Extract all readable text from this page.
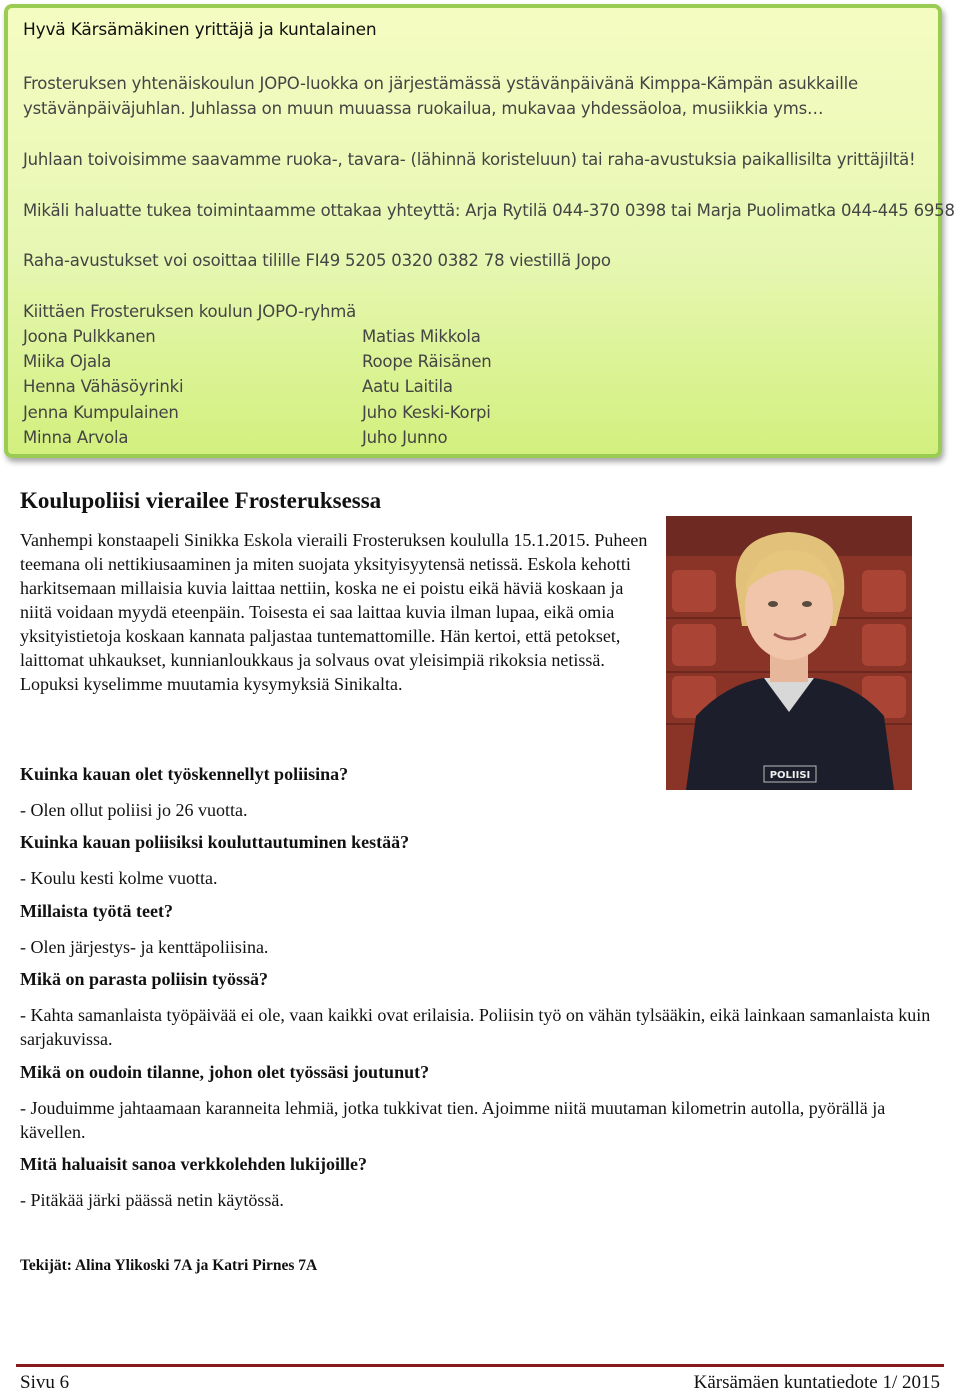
Hyvä Kärsämäkinen yrittäjä ja kuntalainen
Frosteruksen yhtenäiskoulun JOPO-luokka on järjestämässä ystävänpäivänä Kimppa-Kämpän asukkaille
ystävänpäiväjuhlan. Juhlassa on muun muuassa ruokailua, mukavaa yhdessäoloa, musiikkia yms…
Juhlaan toivoisimme saavamme ruoka-, tavara- (lähinnä koristeluun) tai raha-avustuksia paikallisilta yrittäjiltä!
Mikäli haluatte tukea toimintaamme ottakaa yhteyttä: Arja Rytilä 044-370 0398 tai Marja Puolimatka 044-445 6958
Raha-avustukset voi osoittaa tilille FI49 5205 0320 0382 78 viestillä Jopo
Kiittäen Frosteruksen koulun JOPO-ryhmä
Joona Pulkkanen
Miika Ojala
Henna Vähäsöyrinki
Jenna Kumpulainen
Minna Arvola
Matias Mikkola
Roope Räisänen
Aatu Laitila
Juho Keski-Korpi
Juho Junno
Koulupoliisi vierailee Frosteruksessa

Vanhempi konstaapeli Sinikka Eskola vieraili Frosteruksen koululla 15.1.2015. Puheen teemana oli nettikiusaaminen ja miten suojata yksityisyytensä netissä. Eskola kehotti harkitsemaan millaisia kuvia laittaa nettiin, koska ne ei poistu eikä häviä koskaan ja niitä voidaan myydä eteenpäin. Toisesta ei saa laittaa kuvia ilman lupaa, eikä omia yksityistietoja koskaan kannata paljastaa tuntemattomille. Hän kertoi, että petokset, laittomat uhkaukset, kunnianloukkaus ja solvaus ovat yleisimpiä rikoksia netissä. Lopuksi kyselimme muutamia kysymyksiä Sinikalta.

POLIISI

Kuinka kauan olet työskennellyt poliisina?

- Olen ollut poliisi jo 26 vuotta.

Kuinka kauan poliisiksi kouluttautuminen kestää?

- Koulu kesti kolme vuotta.

Millaista työtä teet?

- Olen järjestys- ja kenttäpoliisina.

Mikä on parasta poliisin työssä?

- Kahta samanlaista työpäivää ei ole, vaan kaikki ovat erilaisia. Poliisin työ on vähän tylsääkin, eikä lainkaan samanlaista kuin sarjakuvissa.

Mikä on oudoin tilanne, johon olet työssäsi joutunut?

- Jouduimme jahtaamaan karanneita lehmiä, jotka tukkivat tien. Ajoimme niitä muutaman kilometrin autolla, pyörällä ja kävellen.

Mitä haluaisit sanoa verkkolehden lukijoille?

- Pitäkää järki päässä netin käytössä.

Tekijät: Alina Ylikoski 7A ja Katri Pirnes 7A

Sivu 6	Kärsämäen kuntatiedote 1/ 2015
